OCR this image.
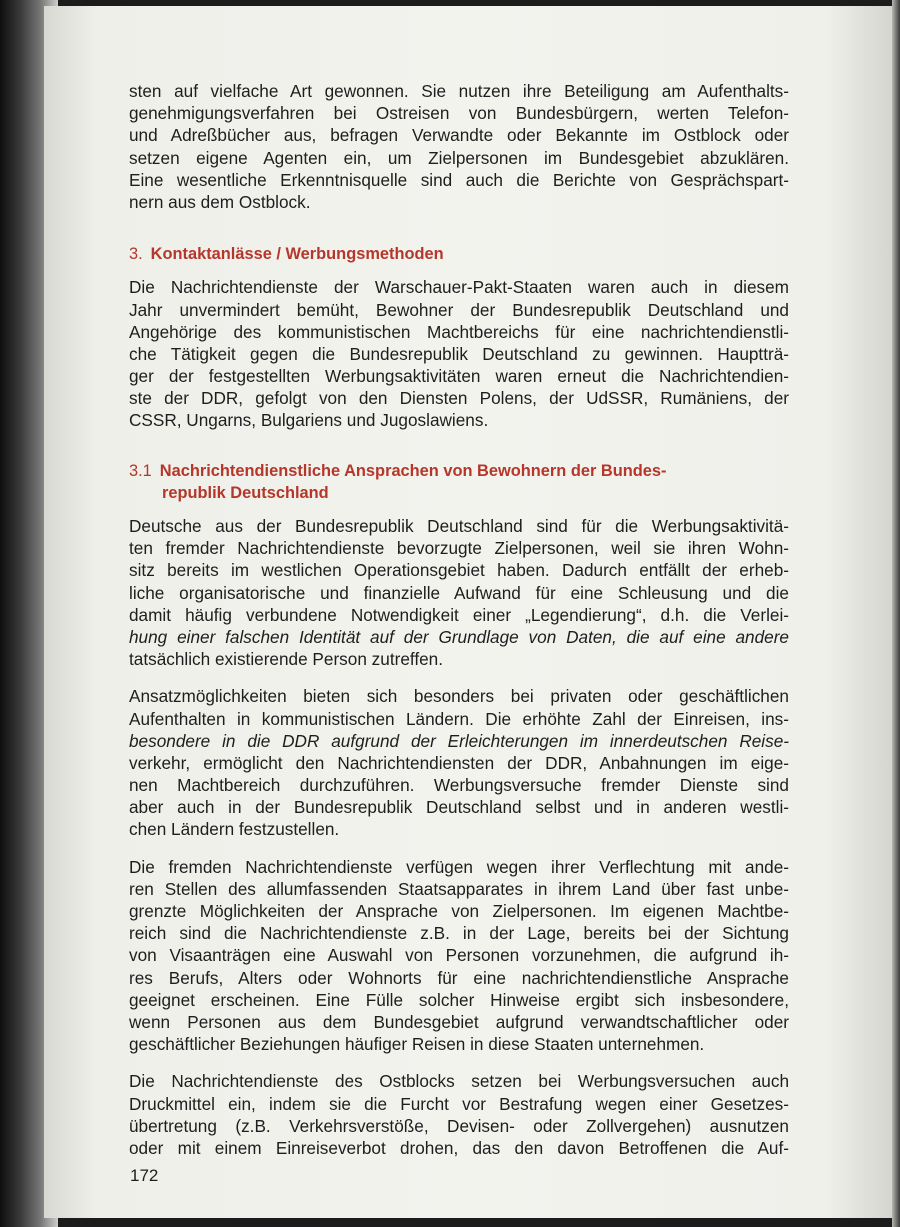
sten auf vielfache Art gewonnen. Sie nutzen ihre Beteiligung am Aufenthalts-
genehmigungsverfahren bei Ostreisen von Bundesbürgern, werten Telefon-
und Adreßbücher aus, befragen Verwandte oder Bekannte im Ostblock oder
setzen eigene Agenten ein, um Zielpersonen im Bundesgebiet abzuklären.
Eine wesentliche Erkenntnisquelle sind auch die Berichte von Gesprächspart-
nern aus dem Ostblock.
3. Kontaktanlässe / Werbungsmethoden
Die Nachrichtendienste der Warschauer-Pakt-Staaten waren auch in diesem
Jahr unvermindert bemüht, Bewohner der Bundesrepublik Deutschland und
Angehörige des kommunistischen Machtbereichs für eine nachrichtendienstli-
che Tätigkeit gegen die Bundesrepublik Deutschland zu gewinnen. Hauptträ-
ger der festgestellten Werbungsaktivitäten waren erneut die Nachrichtendien-
ste der DDR, gefolgt von den Diensten Polens, der UdSSR, Rumäniens, der
CSSR, Ungarns, Bulgariens und Jugoslawiens.
3.1 Nachrichtendienstliche Ansprachen von Bewohnern der Bundes-
republik Deutschland
Deutsche aus der Bundesrepublik Deutschland sind für die Werbungsaktivitä-
ten fremder Nachrichtendienste bevorzugte Zielpersonen, weil sie ihren Wohn-
sitz bereits im westlichen Operationsgebiet haben. Dadurch entfällt der erheb-
liche organisatorische und finanzielle Aufwand für eine Schleusung und die
damit häufig verbundene Notwendigkeit einer „Legendierung“, d.h. die Verlei-
hung einer falschen Identität auf der Grundlage von Daten, die auf eine andere
tatsächlich existierende Person zutreffen.
Ansatzmöglichkeiten bieten sich besonders bei privaten oder geschäftlichen
Aufenthalten in kommunistischen Ländern. Die erhöhte Zahl der Einreisen, ins-
besondere in die DDR aufgrund der Erleichterungen im innerdeutschen Reise-
verkehr, ermöglicht den Nachrichtendiensten der DDR, Anbahnungen im eige-
nen Machtbereich durchzuführen. Werbungsversuche fremder Dienste sind
aber auch in der Bundesrepublik Deutschland selbst und in anderen westli-
chen Ländern festzustellen.
Die fremden Nachrichtendienste verfügen wegen ihrer Verflechtung mit ande-
ren Stellen des allumfassenden Staatsapparates in ihrem Land über fast unbe-
grenzte Möglichkeiten der Ansprache von Zielpersonen. Im eigenen Machtbe-
reich sind die Nachrichtendienste z.B. in der Lage, bereits bei der Sichtung
von Visaanträgen eine Auswahl von Personen vorzunehmen, die aufgrund ih-
res Berufs, Alters oder Wohnorts für eine nachrichtendienstliche Ansprache
geeignet erscheinen. Eine Fülle solcher Hinweise ergibt sich insbesondere,
wenn Personen aus dem Bundesgebiet aufgrund verwandtschaftlicher oder
geschäftlicher Beziehungen häufiger Reisen in diese Staaten unternehmen.
Die Nachrichtendienste des Ostblocks setzen bei Werbungsversuchen auch
Druckmittel ein, indem sie die Furcht vor Bestrafung wegen einer Gesetzes-
übertretung (z.B. Verkehrsverstöße, Devisen- oder Zollvergehen) ausnutzen
oder mit einem Einreiseverbot drohen, das den davon Betroffenen die Auf-
172
